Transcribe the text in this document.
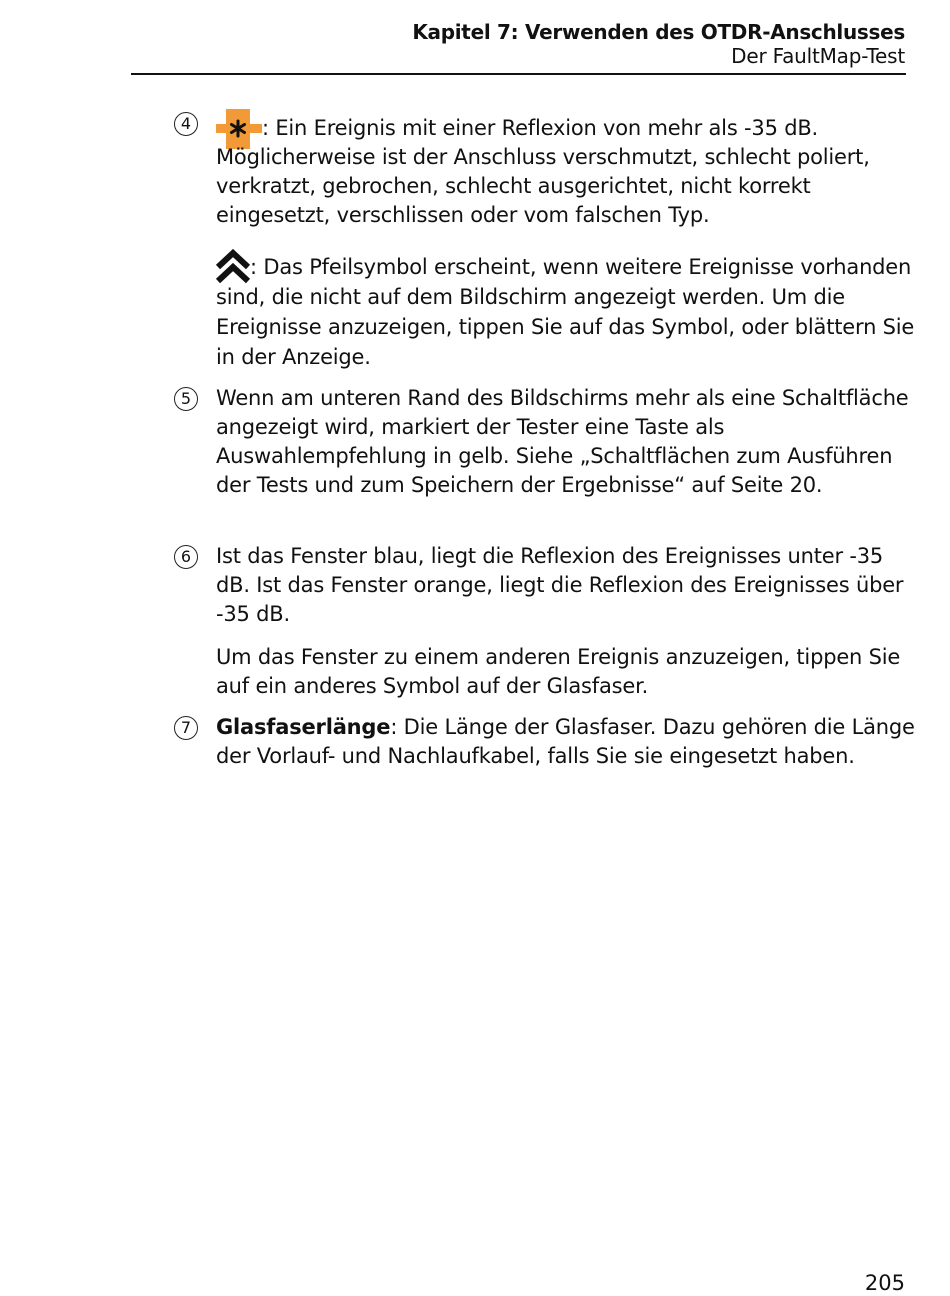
Kapitel 7: Verwenden des OTDR-Anschlusses
Der FaultMap-Test
4	: Ein Ereignis mit einer Reflexion von mehr als -35 dB. Möglicherweise ist der Anschluss verschmutzt, schlecht poliert, verkratzt, gebrochen, schlecht ausgerichtet, nicht korrekt eingesetzt, verschlissen oder vom falschen Typ.
: Das Pfeilsymbol erscheint, wenn weitere Ereignisse vorhanden sind, die nicht auf dem Bildschirm angezeigt werden. Um die Ereignisse anzuzeigen, tippen Sie auf das Symbol, oder blättern Sie in der Anzeige.
5 Wenn am unteren Rand des Bildschirms mehr als eine Schaltfläche angezeigt wird, markiert der Tester eine Taste als Auswahlempfehlung in gelb. Siehe „Schaltflächen zum Ausführen der Tests und zum Speichern der Ergebnisse“ auf Seite 20.
6 Ist das Fenster blau, liegt die Reflexion des Ereignisses unter -35 dB. Ist das Fenster orange, liegt die Reflexion des Ereignisses über -35 dB.
Um das Fenster zu einem anderen Ereignis anzuzeigen, tippen Sie auf ein anderes Symbol auf der Glasfaser.
7 Glasfaserlänge: Die Länge der Glasfaser. Dazu gehören die Länge der Vorlauf- und Nachlaufkabel, falls Sie sie eingesetzt haben.
205
